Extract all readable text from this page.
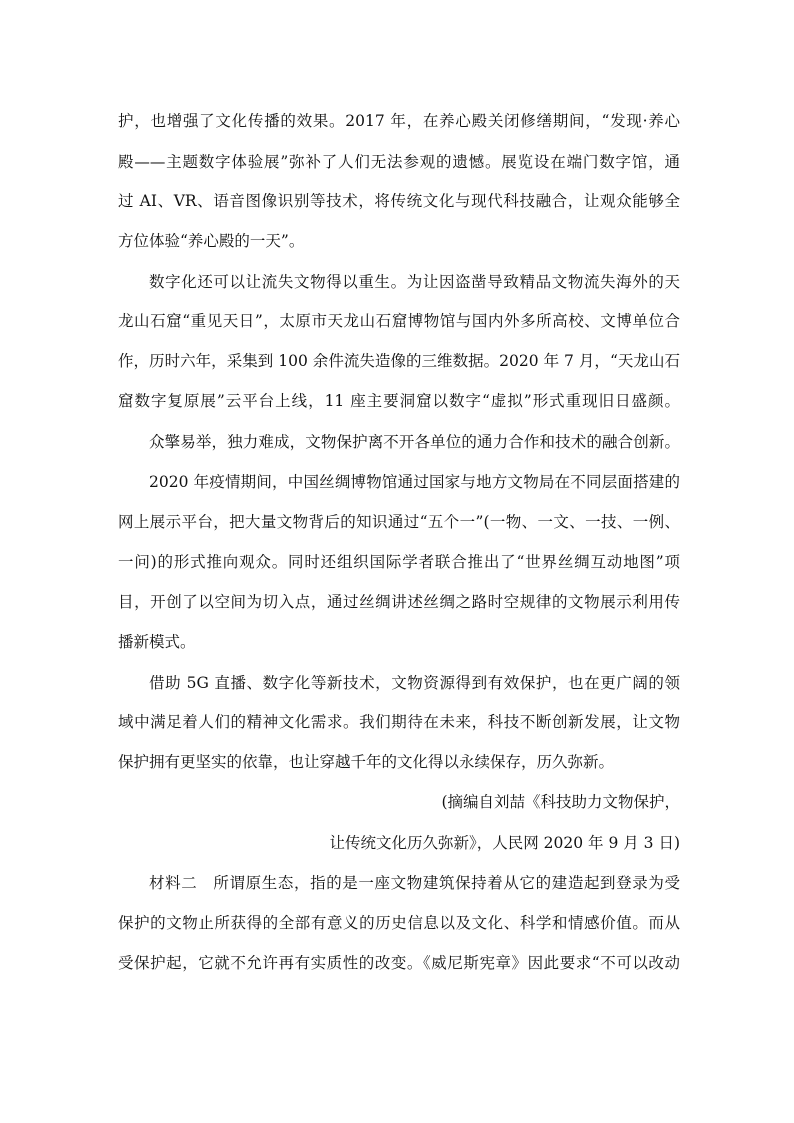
护，也增强了文化传播的效果。2017 年，在养心殿关闭修缮期间，“发现·养心
殿——主题数字体验展”弥补了人们无法参观的遗憾。展览设在端门数字馆，通
过 AI、VR、语音图像识别等技术，将传统文化与现代科技融合，让观众能够全
方位体验“养心殿的一天”。
数字化还可以让流失文物得以重生。为让因盗凿导致精品文物流失海外的天
龙山石窟“重见天日”，太原市天龙山石窟博物馆与国内外多所高校、文博单位合
作，历时六年，采集到 100 余件流失造像的三维数据。2020 年 7 月，“天龙山石
窟数字复原展”云平台上线，11 座主要洞窟以数字“虚拟”形式重现旧日盛颜。
众擎易举，独力难成，文物保护离不开各单位的通力合作和技术的融合创新。
2020 年疫情期间，中国丝绸博物馆通过国家与地方文物局在不同层面搭建的
网上展示平台，把大量文物背后的知识通过“五个一”(一物、一文、一技、一例、
一问)的形式推向观众。同时还组织国际学者联合推出了“世界丝绸互动地图”项
目，开创了以空间为切入点，通过丝绸讲述丝绸之路时空规律的文物展示利用传
播新模式。
借助 5G 直播、数字化等新技术，文物资源得到有效保护，也在更广阔的领
域中满足着人们的精神文化需求。我们期待在未来，科技不断创新发展，让文物
保护拥有更坚实的依靠，也让穿越千年的文化得以永续保存，历久弥新。
(摘编自刘喆《科技助力文物保护，
让传统文化历久弥新》，人民网 2020 年 9 月 3 日)
材料二　所谓原生态，指的是一座文物建筑保持着从它的建造起到登录为受
保护的文物止所获得的全部有意义的历史信息以及文化、科学和情感价值。而从
受保护起，它就不允许再有实质性的改变。《威尼斯宪章》因此要求“不可以改动
